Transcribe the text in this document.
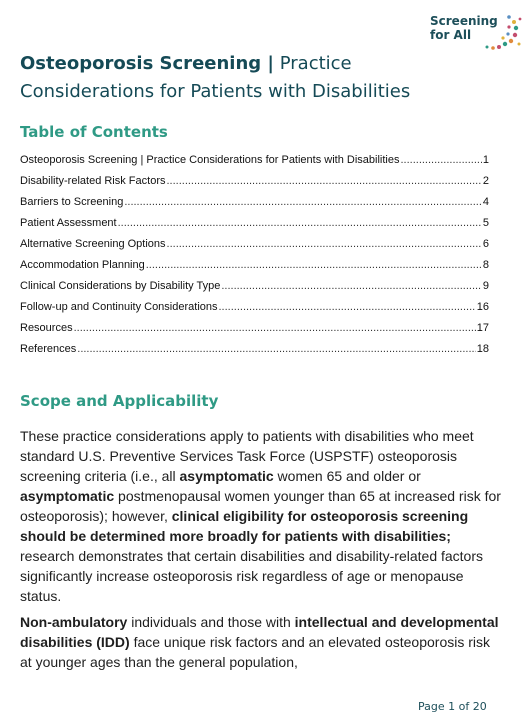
Screening
for All
Osteoporosis Screening | Practice Considerations for Patients with Disabilities
Table of Contents
Osteoporosis Screening | Practice Considerations for Patients with Disabilities .....	1
Disability-related Risk Factors .....	2
Barriers to Screening .....	4
Patient Assessment .....	5
Alternative Screening Options .....	6
Accommodation Planning .....	8
Clinical Considerations by Disability Type .....	9
Follow-up and Continuity Considerations .....	16
Resources .....	17
References .....	18
Scope and Applicability

These practice considerations apply to patients with disabilities who meet standard U.S. Preventive Services Task Force (USPSTF) osteoporosis screening criteria (i.e., all asymptomatic women 65 and older or asymptomatic postmenopausal women younger than 65 at increased risk for osteoporosis); however, clinical eligibility for osteoporosis screening should be determined more broadly for patients with disabilities; research demonstrates that certain disabilities and disability-related factors significantly increase osteoporosis risk regardless of age or menopause status.

Non-ambulatory individuals and those with intellectual and developmental disabilities (IDD) face unique risk factors and an elevated osteoporosis risk at younger ages than the general population,

Page 1 of 20
